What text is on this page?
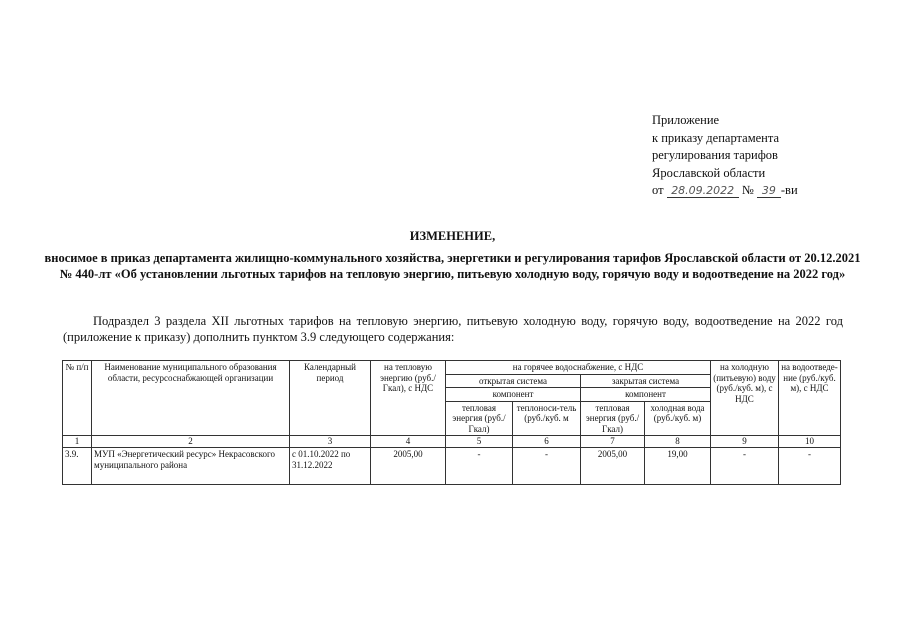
Приложение
к приказу департамента
регулирования тарифов
Ярославской области
от 28.09.2022 № 39 -ви
ИЗМЕНЕНИЕ,
вносимое в приказ департамента жилищно-коммунального хозяйства, энергетики и регулирования тарифов Ярославской области от 20.12.2021 № 440-лт «Об установлении льготных тарифов на тепловую энергию, питьевую холодную воду, горячую воду и водоотведение на 2022 год»
Подраздел 3 раздела XII льготных тарифов на тепловую энергию, питьевую холодную воду, горячую воду, водоотведение на 2022 год (приложение к приказу) дополнить пунктом 3.9 следующего содержания:
№ п/п	Наименование муниципального образования области, ресурсоснабжающей организации	Календарный период	на тепловую энергию (руб./Гкал), с НДС	на горячее водоснабжение, с НДС				на холодную (питьевую) воду (руб./куб. м), с НДС	на водоотведе-ние (руб./куб. м), с НДС
				открытая система		закрытая система			
				компонент		компонент			
				тепловая энергия (руб./Гкал)	теплоноси-тель (руб./куб. м	тепловая энергия (руб./Гкал)	холодная вода (руб./куб. м)		
1	2	3	4	5	6	7	8	9	10
3.9.	МУП «Энергетический ресурс» Некрасовского муниципального района	с 01.10.2022 по 31.12.2022	2005,00	-	-	2005,00	19,00	-	-
